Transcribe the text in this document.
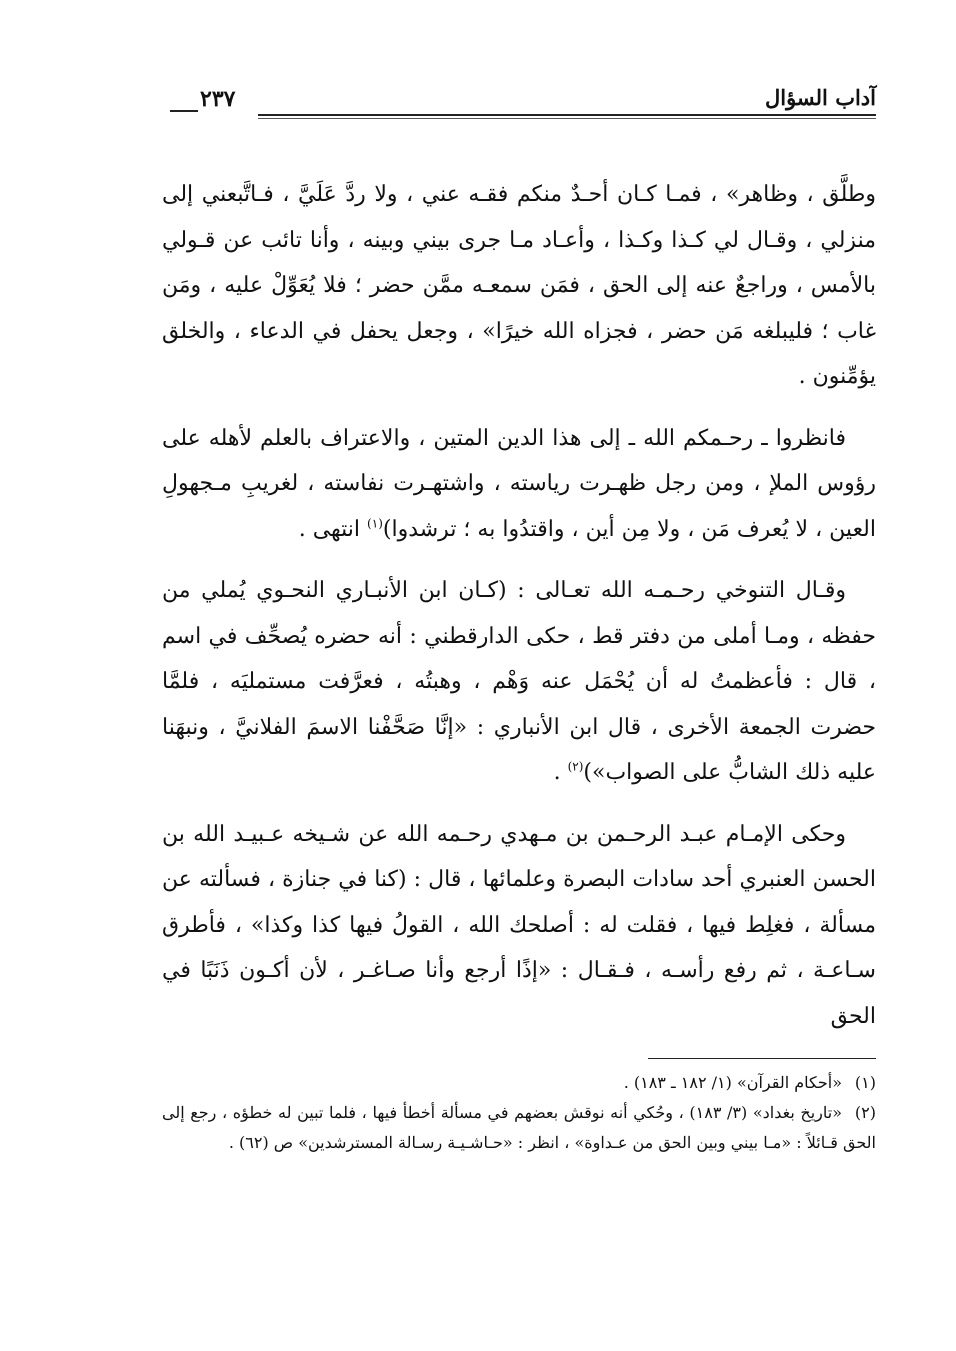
آداب السؤال
٢٣٧

وطلَّق ، وظاهر» ، فمـا كـان أحـدٌ منكم فقـه عني ، ولا ردَّ عَلَيَّ ، فـاتَّبعني إلى منزلي ، وقـال لي كـذا وكـذا ، وأعـاد مـا جرى بيني وبينه ، وأنا تائب عن قـولي بالأمس ، وراجعٌ عنه إلى الحق ، فمَن سمعـه ممَّن حضر ؛ فلا يُعَوِّلْ عليه ، ومَن غاب ؛ فليبلغه مَن حضر ، فجزاه الله خيرًا» ، وجعل يحفل في الدعاء ، والخلق يؤمِّنون .

فانظروا ـ رحـمكم الله ـ إلى هذا الدين المتين ، والاعتراف بالعلم لأهله على رؤوس الملإ ، ومن رجل ظهـرت رياسته ، واشتهـرت نفاسته ، لغريبِ مـجهولِ العين ، لا يُعرف مَن ، ولا مِن أين ، واقتدُوا به ؛ ترشدوا)$^{(١)}$ انتهى .

وقـال التنوخي رحـمـه الله تعـالى : (كـان ابن الأنبـاري النحـوي يُملي من حفظه ، ومـا أملى من دفتر قط ، حكى الدارقطني : أنه حضره يُصحِّف في اسم ، قال : فأعظمتُ له أن يُحْمَل عنه وَهْم ، وهبتُه ، فعرَّفت مستمليَه ، فلمَّا حضرت الجمعة الأخرى ، قال ابن الأنباري : «إنَّا صَحَّفْنا الاسمَ الفلانيَّ ، ونبهَنا عليه ذلك الشابُّ على الصواب»)$^{(٢)}$ .

وحكى الإمـام عبـد الرحـمن بن مـهدي رحـمه الله عن شـيخه عـبيـد الله بن الحسن العنبري أحد سادات البصرة وعلمائها ، قال : (كنا في جنازة ، فسألته عن مسألة ، فغلِط فيها ، فقلت له : أصلحك الله ، القولُ فيها كذا وكذا» ، فأطرق سـاعـة ، ثم رفع رأسـه ، فـقـال : «إذًا أرجع وأنا صـاغـر ، لأن أكـون ذَنَبًا في الحق

(١)«أحكام القرآن» (١/ ١٨٢ ـ ١٨٣) .

(٢)«تاريخ بغداد» (٣/ ١٨٣) ، وحُكي أنه نوقش بعضهم في مسألة أخطأ فيها ، فلما تبين له خطؤه ، رجع إلى الحق قـائلاً : «مـا بيني وبين الحق من عـداوة» ، انظر : «حـاشـيـة رسـالة المسترشدين» ص (٦٢) .
